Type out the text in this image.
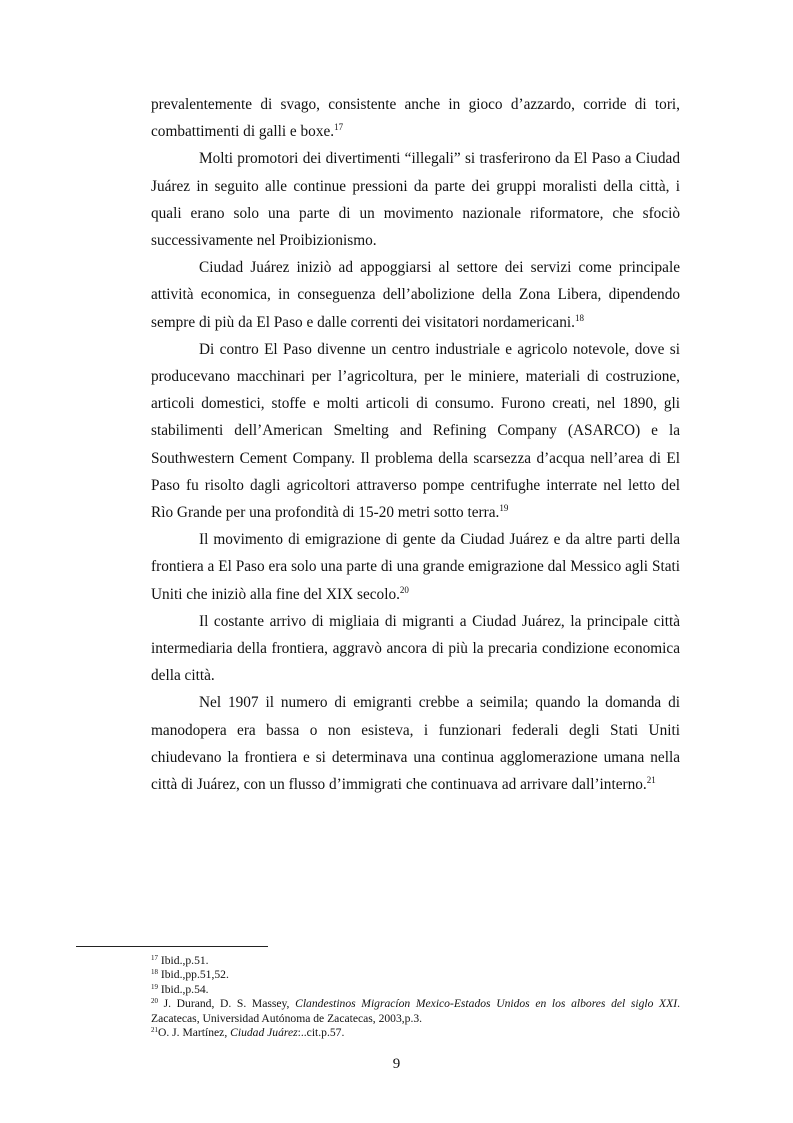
prevalentemente di svago, consistente anche in gioco d’azzardo, corride di tori, combattimenti di galli e boxe.$^{17}$

Molti promotori dei divertimenti “illegali” si trasferirono da El Paso a Ciudad Juárez in seguito alle continue pressioni da parte dei gruppi moralisti della città, i quali erano solo una parte di un movimento nazionale riformatore, che sfociò successivamente nel Proibizionismo.

Ciudad Juárez iniziò ad appoggiarsi al settore dei servizi come principale attività economica, in conseguenza dell’abolizione della Zona Libera, dipendendo sempre di più da El Paso e dalle correnti dei visitatori nordamericani.$^{18}$

Di contro El Paso divenne un centro industriale e agricolo notevole, dove si producevano macchinari per l’agricoltura, per le miniere, materiali di costruzione, articoli domestici, stoffe e molti articoli di consumo. Furono creati, nel 1890, gli stabilimenti dell’American Smelting and Refining Company (ASARCO) e la Southwestern Cement Company. Il problema della scarsezza d’acqua nell’area di El Paso fu risolto dagli agricoltori attraverso pompe centrifughe interrate nel letto del Rìo Grande per una profondità di 15-20 metri sotto terra.$^{19}$

Il movimento di emigrazione di gente da Ciudad Juárez e da altre parti della frontiera a El Paso era solo una parte di una grande emigrazione dal Messico agli Stati Uniti che iniziò alla fine del XIX secolo.$^{20}$

Il costante arrivo di migliaia di migranti a Ciudad Juárez, la principale città intermediaria della frontiera, aggravò ancora di più la precaria condizione economica della città.

Nel 1907 il numero di emigranti crebbe a seimila; quando la domanda di manodopera era bassa o non esisteva, i funzionari federali degli Stati Uniti chiudevano la frontiera e si determinava una continua agglomerazione umana nella città di Juárez, con un flusso d’immigrati che continuava ad arrivare dall’interno.$^{21}$

$^{17}$ Ibid.,p.51.

$^{18}$ Ibid.,pp.51,52.

$^{19}$ Ibid.,p.54.

$^{20}$ J. Durand, D. S. Massey, Clandestinos Migracíon Mexico-Estados Unidos en los albores del siglo XXI. Zacatecas, Universidad Autónoma de Zacatecas, 2003,p.3.

$^{21}$O. J. Martínez, Ciudad Juárez:..cit.p.57.

9
